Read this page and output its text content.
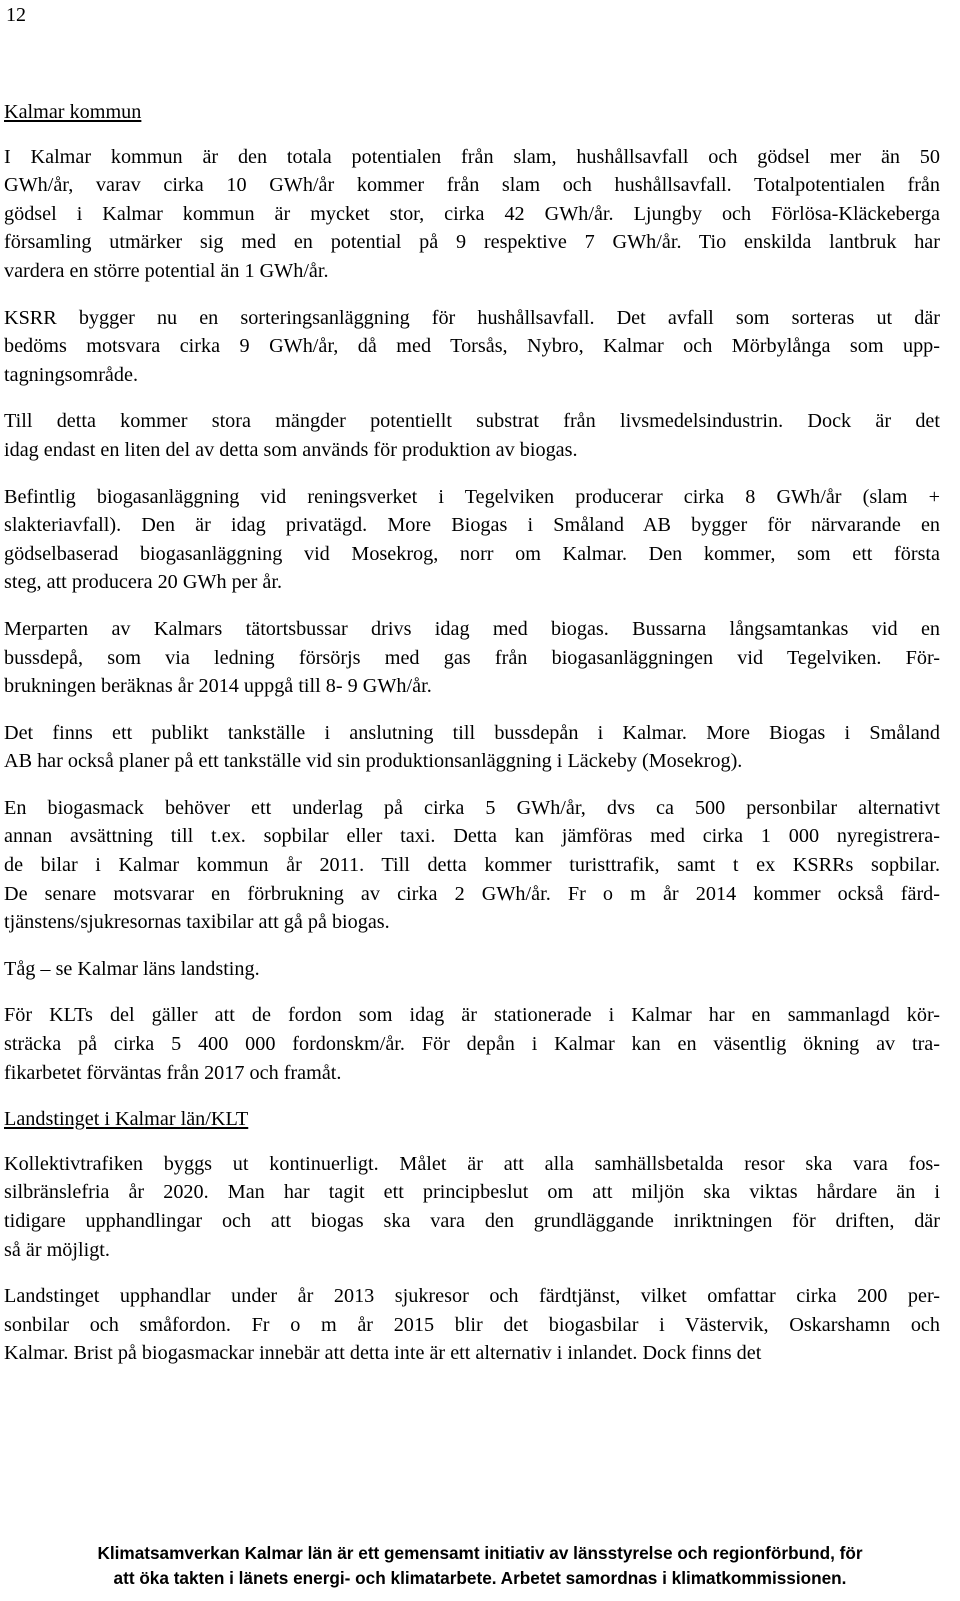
12
Kalmar kommun
I Kalmar kommun är den totala potentialen från slam, hushållsavfall och gödsel mer än 50
GWh/år, varav cirka 10 GWh/år kommer från slam och hushållsavfall. Totalpotentialen från
gödsel i Kalmar kommun är mycket stor, cirka 42 GWh/år. Ljungby och Förlösa-Kläckeberga
församling utmärker sig med en potential på 9 respektive 7 GWh/år. Tio enskilda lantbruk har
vardera en större potential än 1 GWh/år.
KSRR bygger nu en sorteringsanläggning för hushållsavfall. Det avfall som sorteras ut där
bedöms motsvara cirka 9 GWh/år, då med Torsås, Nybro, Kalmar och Mörbylånga som upp-
tagningsområde.
Till detta kommer stora mängder potentiellt substrat från livsmedelsindustrin. Dock är det
idag endast en liten del av detta som används för produktion av biogas.
Befintlig biogasanläggning vid reningsverket i Tegelviken producerar cirka 8 GWh/år (slam +
slakteriavfall). Den är idag privatägd. More Biogas i Småland AB bygger för närvarande en
gödselbaserad biogasanläggning vid Mosekrog, norr om Kalmar. Den kommer, som ett första
steg, att producera 20 GWh per år.
Merparten av Kalmars tätortsbussar drivs idag med biogas. Bussarna långsamtankas vid en
bussdepå, som via ledning försörjs med gas från biogasanläggningen vid Tegelviken. För-
brukningen beräknas år 2014 uppgå till 8- 9 GWh/år.
Det finns ett publikt tankställe i anslutning till bussdepån i Kalmar. More Biogas i Småland
AB har också planer på ett tankställe vid sin produktionsanläggning i Läckeby (Mosekrog).
En biogasmack behöver ett underlag på cirka 5 GWh/år, dvs ca 500 personbilar alternativt
annan avsättning till t.ex. sopbilar eller taxi. Detta kan jämföras med cirka 1 000 nyregistrera-
de bilar i Kalmar kommun år 2011. Till detta kommer turisttrafik, samt t ex KSRRs sopbilar.
De senare motsvarar en förbrukning av cirka 2 GWh/år. Fr o m år 2014 kommer också färd-
tjänstens/sjukresornas taxibilar att gå på biogas.
Tåg – se Kalmar läns landsting.
För KLTs del gäller att de fordon som idag är stationerade i Kalmar har en sammanlagd kör-
sträcka på cirka 5 400 000 fordonskm/år. För depån i Kalmar kan en väsentlig ökning av tra-
fikarbetet förväntas från 2017 och framåt.
Landstinget i Kalmar län/KLT
Kollektivtrafiken byggs ut kontinuerligt. Målet är att alla samhällsbetalda resor ska vara fos-
silbränslefria år 2020. Man har tagit ett principbeslut om att miljön ska viktas hårdare än i
tidigare upphandlingar och att biogas ska vara den grundläggande inriktningen för driften, där
så är möjligt.
Landstinget upphandlar under år 2013 sjukresor och färdtjänst, vilket omfattar cirka 200 per-
sonbilar och småfordon. Fr o m år 2015 blir det biogasbilar i Västervik, Oskarshamn och
Kalmar. Brist på biogasmackar innebär att detta inte är ett alternativ i inlandet. Dock finns det
Klimatsamverkan Kalmar län är ett gemensamt initiativ av länsstyrelse och regionförbund, för
att öka takten i länets energi- och klimatarbete. Arbetet samordnas i klimatkommissionen.
